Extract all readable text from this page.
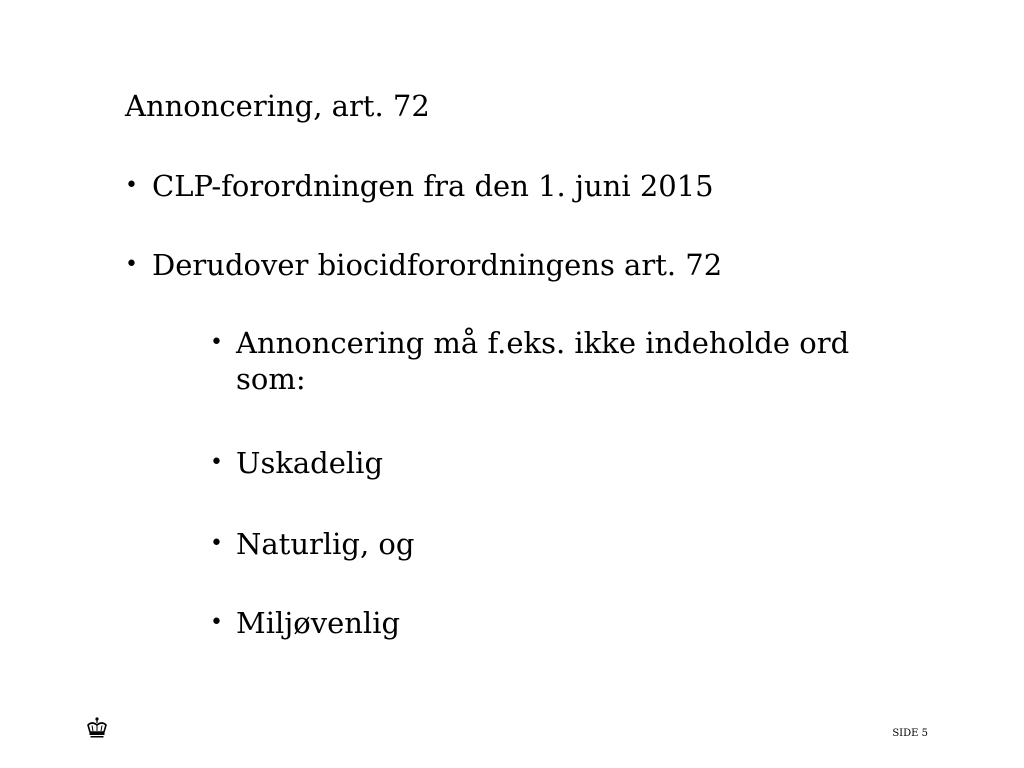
Annoncering, art. 72
• CLP-forordningen fra den 1. juni 2015
• Derudover biocidforordningens art. 72
• Annoncering må f.eks. ikke indeholde ord
som:
• Uskadelig
• Naturlig, og
• Miljøvenlig
SIDE 5
